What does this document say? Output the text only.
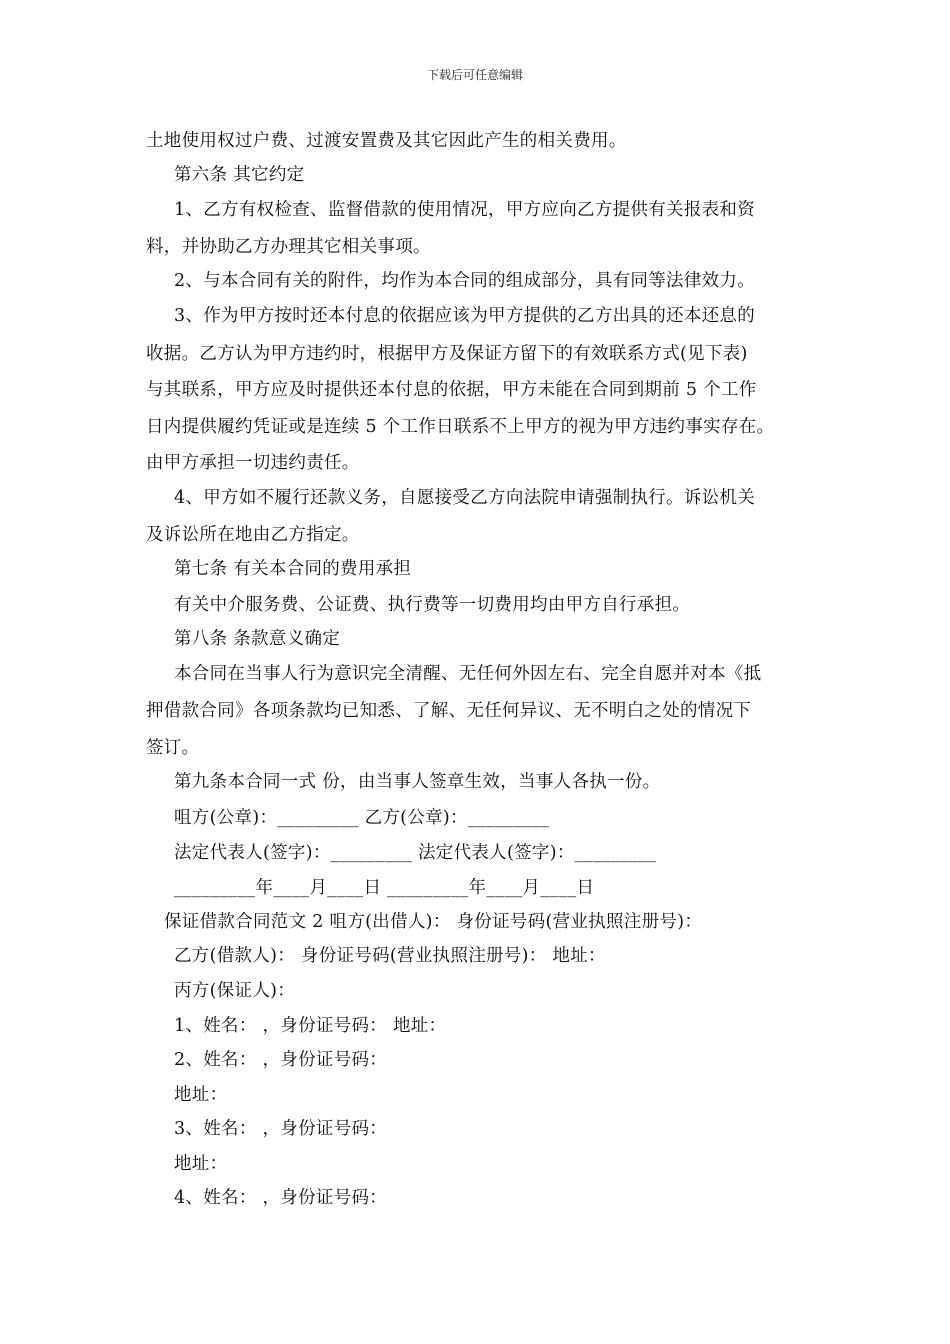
下载后可任意编辑
土地使用权过户费、过渡安置费及其它因此产生的相关费用。
第六条 其它约定
1、乙方有权检查、监督借款的使用情况，甲方应向乙方提供有关报表和资
料，并协助乙方办理其它相关事项。
2、与本合同有关的附件，均作为本合同的组成部分，具有同等法律效力。
3、作为甲方按时还本付息的依据应该为甲方提供的乙方出具的还本还息的
收据。乙方认为甲方违约时，根据甲方及保证方留下的有效联系方式(见下表)
与其联系，甲方应及时提供还本付息的依据，甲方未能在合同到期前 5 个工作
日内提供履约凭证或是连续 5 个工作日联系不上甲方的视为甲方违约事实存在。
由甲方承担一切违约责任。
4、甲方如不履行还款义务，自愿接受乙方向法院申请强制执行。诉讼机关
及诉讼所在地由乙方指定。
第七条 有关本合同的费用承担
有关中介服务费、公证费、执行费等一切费用均由甲方自行承担。
第八条 条款意义确定
本合同在当事人行为意识完全清醒、无任何外因左右、完全自愿并对本《抵
押借款合同》各项条款均已知悉、了解、无任何异议、无不明白之处的情况下
签订。
第九条本合同一式 份，由当事人签章生效，当事人各执一份。
咀方(公章)：_________ 乙方(公章)：_________
法定代表人(签字)：_________ 法定代表人(签字)：_________
_________年____月____日 _________年____月____日
保证借款合同范文 2 咀方(出借人)： 身份证号码(营业执照注册号)：
乙方(借款人)： 身份证号码(营业执照注册号)： 地址：
丙方(保证人)：
1、姓名： ，身份证号码： 地址：
2、姓名： ，身份证号码：
地址：
3、姓名： ，身份证号码：
地址：
4、姓名： ，身份证号码：
